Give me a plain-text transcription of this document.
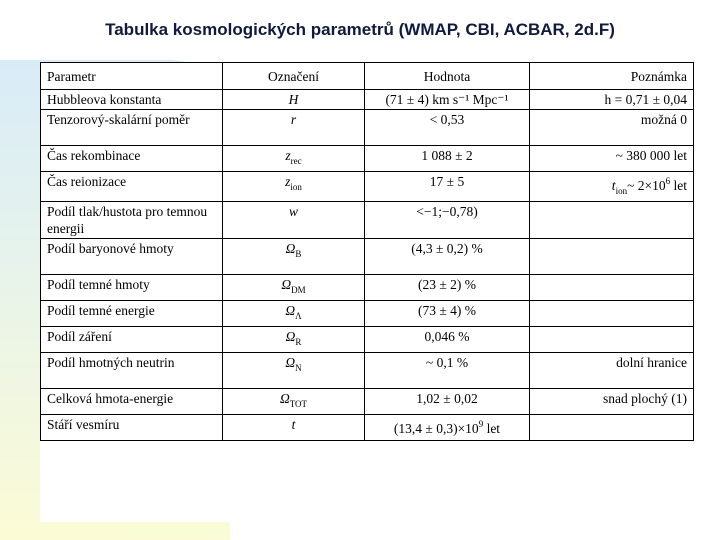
Tabulka kosmologických parametrů (WMAP, CBI, ACBAR, 2d.F)
Parametr	Označení	Hodnota	Poznámka
Hubbleova konstanta	H	(71 ± 4) km s⁻¹ Mpc⁻¹	h = 0,71 ± 0,04
Tenzorový-skalární poměr	r	< 0,53	možná 0
Čas rekombinace	$z_{rec}$	1 088 ± 2	~ 380 000 let
Čas reionizace	$z_{ion}$	17 ± 5	$t_{ion}\sim$ $2\times 10^6$ let
Podíl tlak/hustota pro temnou energii	w	<−1;−0,78)	
Podíl baryonové hmoty	$\Omega_B$	(4,3 ± 0,2) %	
Podíl temné hmoty	$\Omega_{DM}$	(23 ± 2) %	
Podíl temné energie	$\Omega_\Lambda$	(73 ± 4) %	
Podíl záření	$\Omega_R$	0,046 %	
Podíl hmotných neutrin	$\Omega_N$	~ 0,1 %	dolní hranice
Celková hmota-energie	$\Omega_{TOT}$	1,02 ± 0,02	snad plochý (1)
Stáří vesmíru	t	$(13,4 \pm 0,3)\times 10^9$ let	
